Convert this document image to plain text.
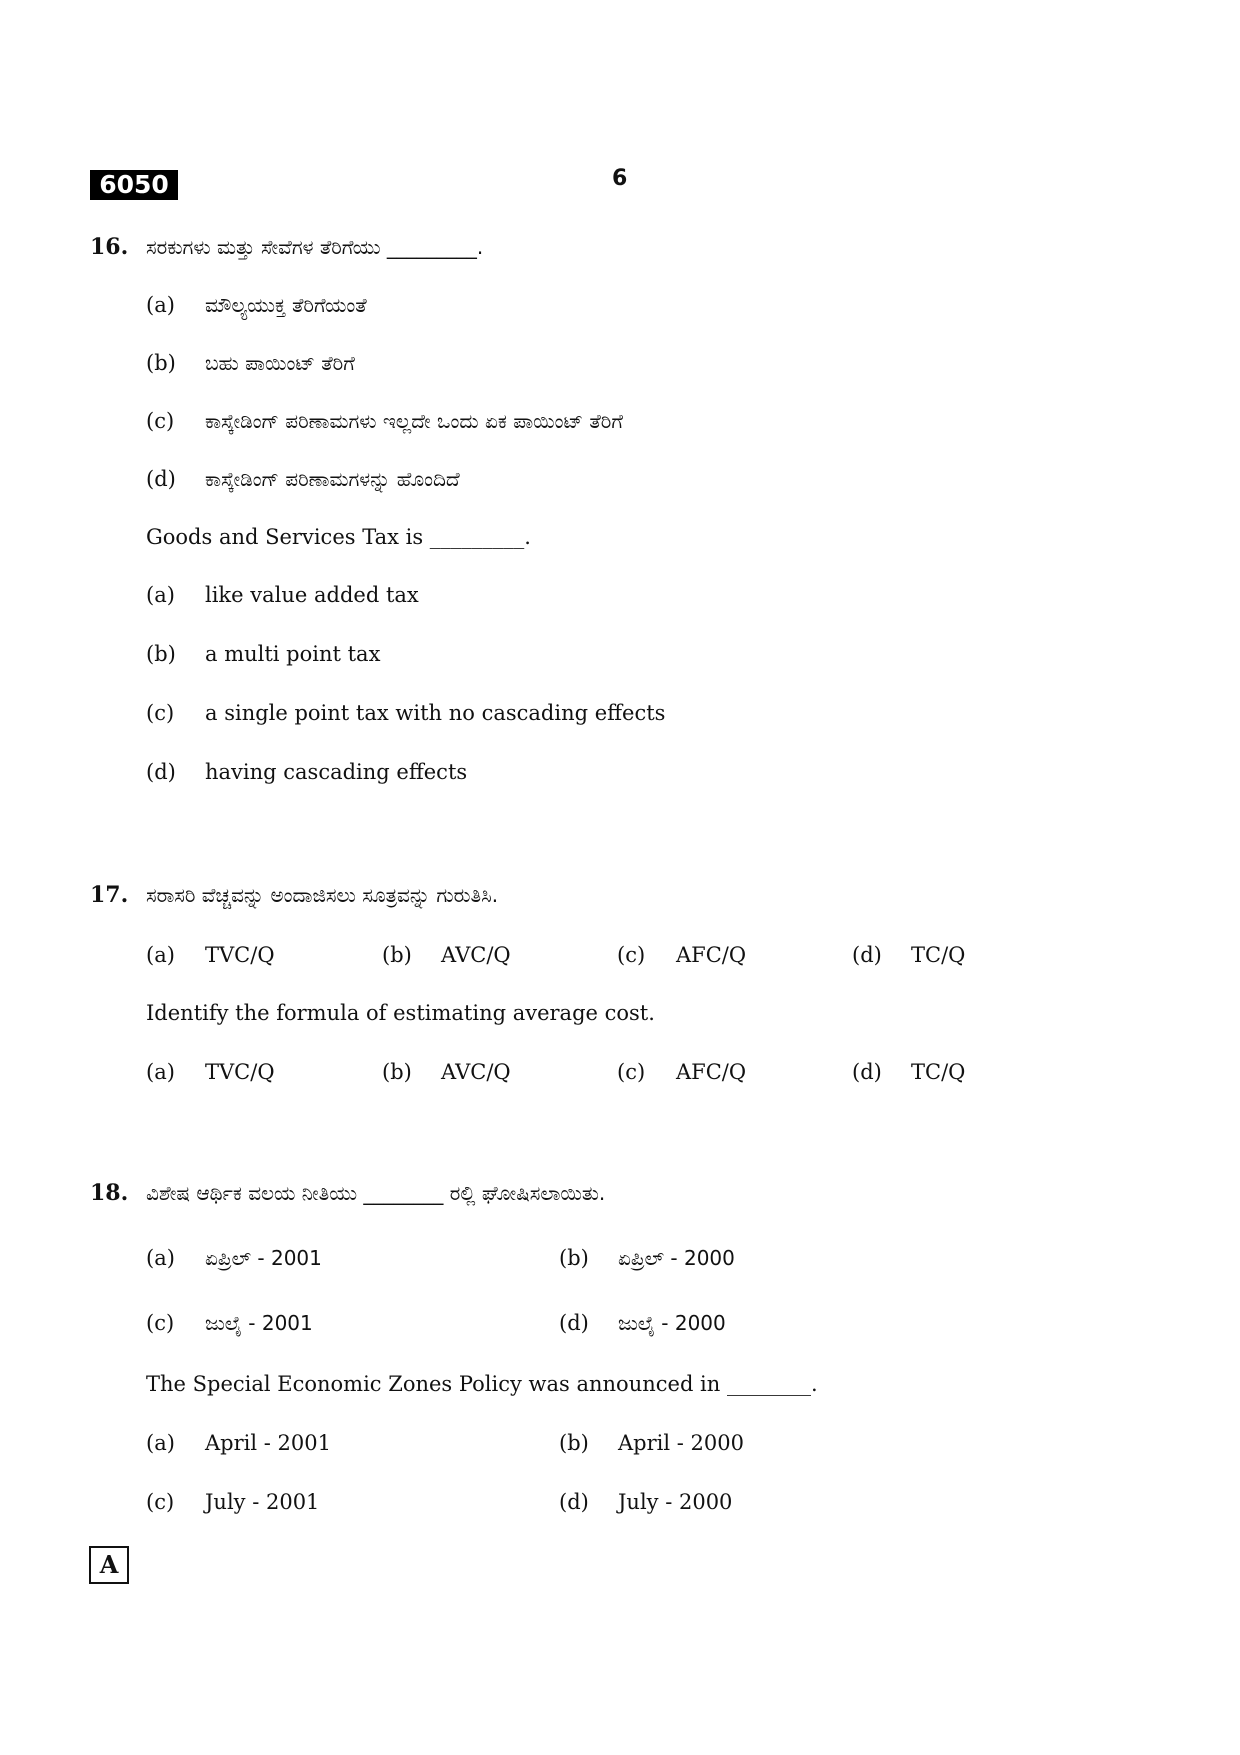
6050	6
16. ಸರಕುಗಳು ಮತ್ತು ಸೇವೆಗಳ ತೆರಿಗೆಯು _________.
(a) ಮೌಲ್ಯಯುಕ್ತ ತೆರಿಗೆಯಂತೆ
(b) ಬಹು ಪಾಯಿಂಟ್ ತೆರಿಗೆ
(c) ಕಾಸ್ಕೇಡಿಂಗ್ ಪರಿಣಾಮಗಳು ಇಲ್ಲದೇ ಒಂದು ಏಕ ಪಾಯಿಂಟ್ ತೆರಿಗೆ
(d) ಕಾಸ್ಕೇಡಿಂಗ್ ಪರಿಣಾಮಗಳನ್ನು ಹೊಂದಿದೆ
Goods and Services Tax is _________.
(a) like value added tax
(b) a multi point tax
(c) a single point tax with no cascading effects
(d) having cascading effects
17. ಸರಾಸರಿ ವೆಚ್ಚವನ್ನು ಅಂದಾಜಿಸಲು ಸೂತ್ರವನ್ನು ಗುರುತಿಸಿ.
(a) TVC/Q	(b) AVC/Q	(c) AFC/Q	(d) TC/Q
Identify the formula of estimating average cost.
(a) TVC/Q	(b) AVC/Q	(c) AFC/Q	(d) TC/Q
18. ವಿಶೇಷ ಆರ್ಥಿಕ ವಲಯ ನೀತಿಯು ________ ರಲ್ಲಿ ಘೋಷಿಸಲಾಯಿತು.
(a) ಏಪ್ರಿಲ್ - 2001	(b) ಏಪ್ರಿಲ್ - 2000
(c) ಜುಲೈ - 2001	(d) ಜುಲೈ - 2000
The Special Economic Zones Policy was announced in ________.
(a) April - 2001	(b) April - 2000
(c) July - 2001	(d) July - 2000
A
